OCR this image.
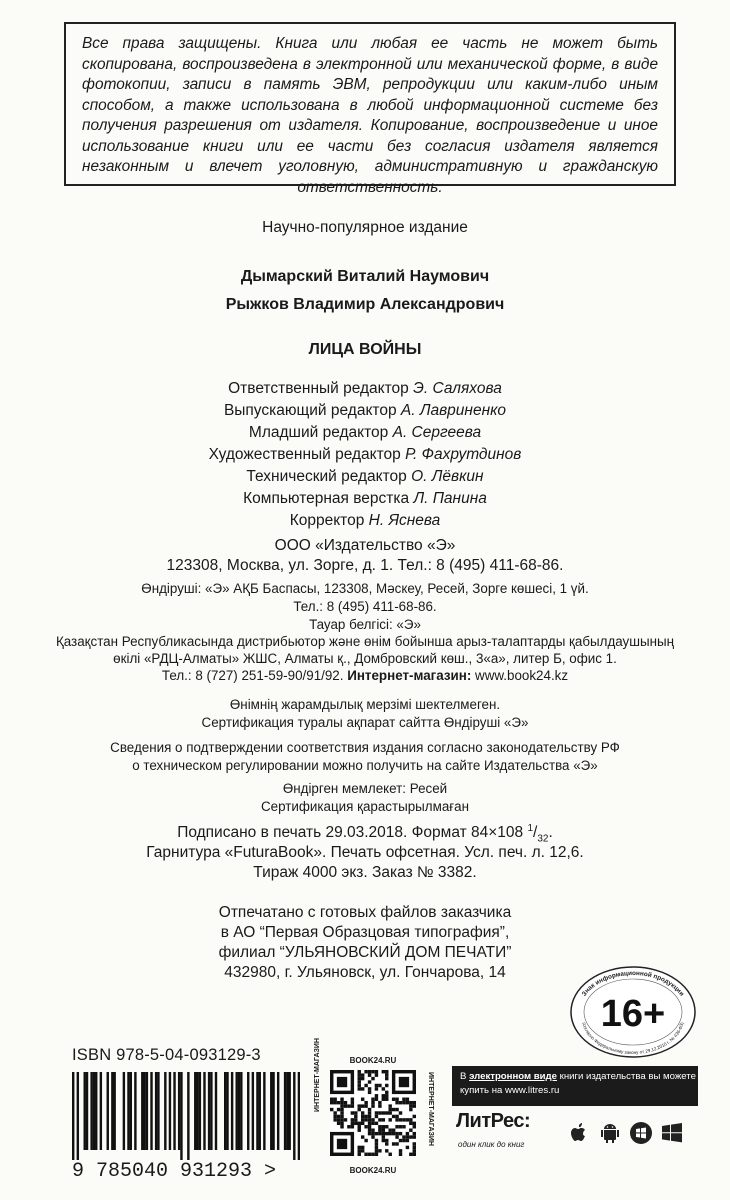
Все права защищены. Книга или любая ее часть не может быть скопирована, воспроизведена в электронной или механической форме, в виде фотокопии, записи в память ЭВМ, репродукции или каким-либо иным способом, а также использована в любой информационной системе без получения разрешения от издателя. Копирование, воспроизведение и иное использование книги или ее части без согласия издателя является незаконным и влечет уголовную, административную и гражданскую ответственность.

Научно-популярное издание
Дымарский Виталий Наумович
Рыжков Владимир Александрович
ЛИЦА ВОЙНЫ
Ответственный редактор Э. Саляхова
Выпускающий редактор А. Лавриненко
Младший редактор А. Сергеева
Художественный редактор Р. Фахрутдинов
Технический редактор О. Лёвкин
Компьютерная верстка Л. Панина
Корректор Н. Яснева
ООО «Издательство «Э»
123308, Москва, ул. Зорге, д. 1. Тел.: 8 (495) 411-68-86.
Өндіруші: «Э» АҚБ Баспасы, 123308, Мәскеу, Ресей, Зорге көшесі, 1 үй.
Тел.: 8 (495) 411-68-86.
Тауар белгісі: «Э»
Қазақстан Республикасында дистрибьютор және өнім бойынша арыз-талаптарды қабылдаушының
өкілі «РДЦ-Алматы» ЖШС, Алматы қ., Домбровский көш., 3«а», литер Б, офис 1.
Тел.: 8 (727) 251-59-90/91/92. Интернет-магазин: www.book24.kz
Өнімнің жарамдылық мерзімі шектелмеген.
Сертификация туралы ақпарат сайтта Өндіруші «Э»
Сведения о подтверждении соответствия издания согласно законодательству РФ
о техническом регулировании можно получить на сайте Издательства «Э»
Өндірген мемлекет: Ресей
Сертификация қарастырылмаған
Подписано в печать 29.03.2018. Формат 84×108 $^1/_{32}$.
Гарнитура «FuturaBook». Печать офсетная. Усл. печ. л. 12,6.
Тираж 4000 экз. Заказ № 3382.
Отпечатано с готовых файлов заказчика
в АО “Первая Образцовая типография”,
филиал “УЛЬЯНОВСКИЙ ДОМ ПЕЧАТИ”
432980, г. Ульяновск, ул. Гончарова, 14
Знак информационной продукции
(согласно Федеральному закону от 29.12.2010 г. № 436-ФЗ)
16+
ISBN 978-5-04-093129-3
9 785040 931293 >
BOOK24.RU
BOOK24.RU
ИНТЕРНЕТ-МАГАЗИН	ИНТЕРНЕТ-МАГАЗИН	В электронном виде книги издательства вы можете
купить на www.litres.ru
ЛитРес:
один клик до книг
